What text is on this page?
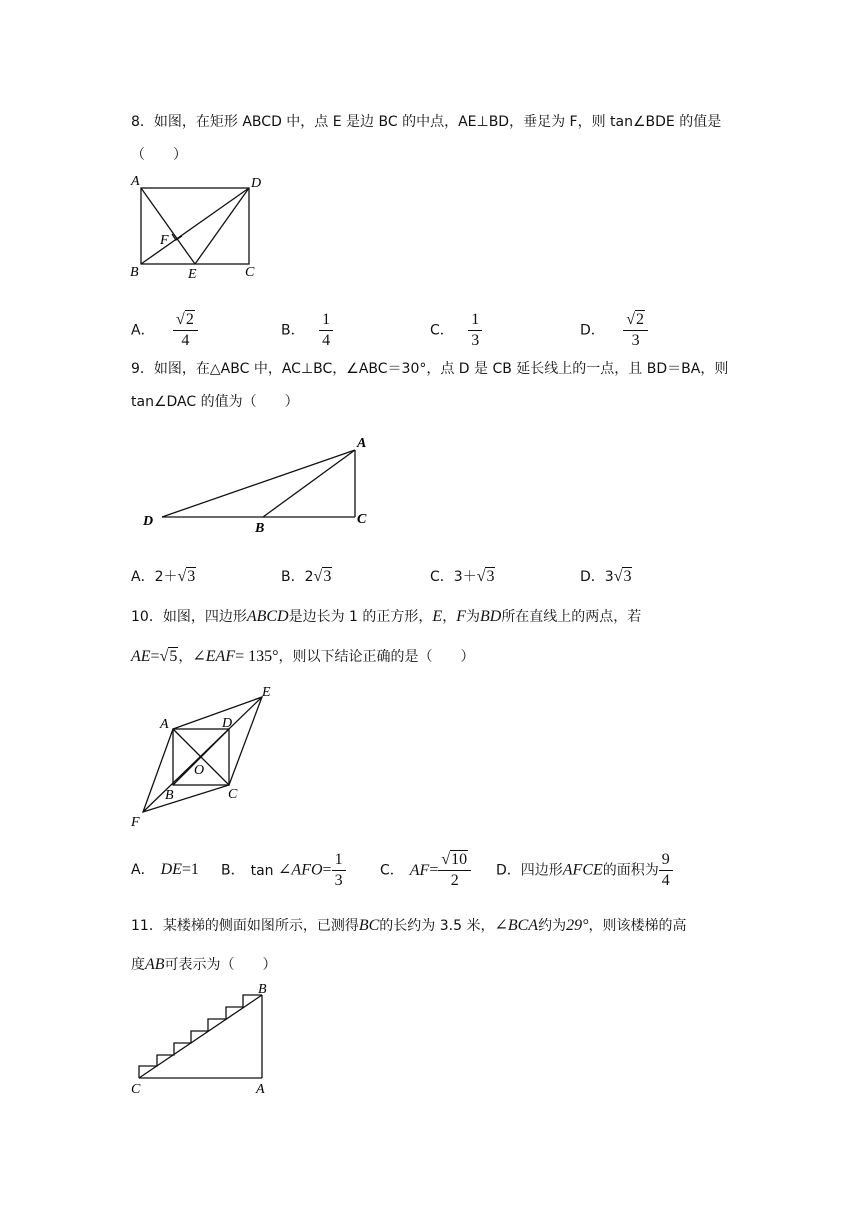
8．如图，在矩形 ABCD 中，点 E 是边 BC 的中点，AE⊥BD，垂足为 F，则 tan∠BDE 的值是
（　　）
A	D
B	E	C
F
A． $\frac{√2}{4}$	B． $\frac{1}{4}$	C． $\frac{1}{3}$	D． $\frac{√2}{3}$
9．如图，在△ABC 中，AC⊥BC，∠ABC＝30°，点 D 是 CB 延长线上的一点，且 BD＝BA，则
tan∠DAC 的值为（　　）
A
D	B
C
A．2＋√3	B．2√3	C．3＋√3	D．3√3
10．如图，四边形ABCD是边长为 1 的正方形，E，F为BD所在直线上的两点，若
AE=√5，∠EAF= 135°，则以下结论正确的是（　　）
A	D
E
O
B	C
F
A． DE=1 B． tan ∠AFO= $\frac{1}{3}$ C． $AF= \frac{√10}{2}$ D．四边形AFCE的面积为 $\frac{9}{4}$
11．某楼梯的侧面如图所示，已测得BC的长约为 3.5 米，∠BCA约为29°，则该楼梯的高
度AB可表示为（　　）
B
C	A
